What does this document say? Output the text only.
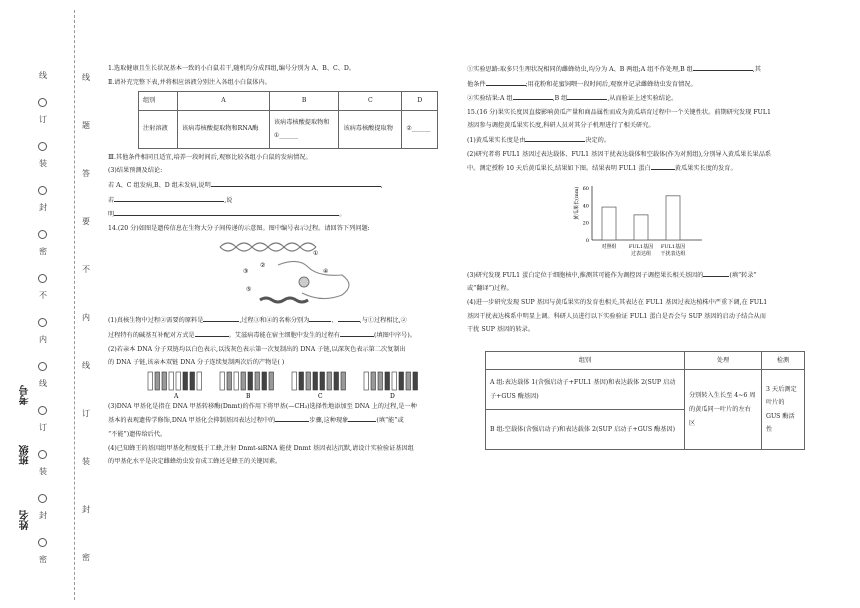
线
订
装
封
密
不
内
线
订
装
封
密
线
题
答
要
不
内
线
订
装
封
密
考号
班级
姓名

1.选取健康且生长状况基本一致的小白鼠若干,随机均分成四组,编号分别为 A、B、C、D。

Ⅱ.请补充完整下表,并将相应溶液分别注入各组小白鼠体内。

组别	A	B	C	D
注射溶液	该病毒核酸提取物和RNA酶	该病毒核酸提取物和
①______	该病毒核酸提取物	②______

Ⅲ.其他条件相同且适宜,培养一段时间后,观察比较各组小白鼠的发病情况。

(3)结果预测及结论:

若 A、C 组发病,B、D 组未发病,说明	,

若	,说

明	。

14.(20 分)如图是遗传信息在生物大分子间传递的示意图。图中编号表示过程。请回答下列问题:

③
②
④
①
⑤

(1)真核生物中过程②需要的原料是	,过程③和④的名称分别为	、	,与①过程相比,②

过程特有的碱基互补配对方式是	。艾滋病毒能在宿主细胞中发生的过程有	(填图中序号)。

(2)若亲本 DNA 分子双链均以白色表示,以浅灰色表示第一次复制出的 DNA 子链,以深灰色表示第二次复制出

的 DNA 子链,该亲本双链 DNA 分子连续复制两次后的产物是( )

A	B	C	D

(3)DNA 甲基化是指在 DNA 甲基转移酶(Dnmt)的作用下将甲基(—CH₃)选择性地添加至 DNA 上的过程,是一种

基本的表观遗传学修饰,DNA 甲基化会抑制基因表达过程中的	步骤,这种现象	(填“能”或

“不能”)遗传给后代。

(4)已知蜂王的基因组甲基化程度低于工蜂,注射 Dnmt-siRNA 能使 Dnmt 基因表达沉默,请设计实验验证基因组

的甲基化水平是决定雌蜂幼虫发育成工蜂还是蜂王的关键因素。

①实验思路:取多只生理状况相同的雌蜂幼虫,均分为 A、B 两组;A 组不作处理,B 组	,其

他条件	;用花粉和花蜜饲喂一段时间后,观察并记录雌蜂幼虫发育情况。

②实验结果:A 组	,B 组	,从而验证上述实验结论。

15.(16 分)果实长度因直接影响黄瓜产量和商品属性而成为黄瓜培育过程中一个关键性状。前期研究发现 FUL1

基因参与调控黄瓜果实长度,科研人员对其分子机理进行了相关研究。

(1)黄瓜果实长度是由	决定的。

(2)研究者将 FUL1 基因过表达载体、FUL1 基因干扰表达载体和空载体(作为对照组),分别导入黄瓜果长果品系

中。测定授粉 10 天后黄瓜果长,结果如下图。结果表明 FUL1 蛋白	黄瓜果实长度的发育。

0
20
40
60
黄瓜果长(mm)
对照组 FUL1基因
过表达组
FUL1基因
干扰表达组

(3)研究发现 FUL1 蛋白定位于细胞核中,推测其可能作为调控因子调控果长相关基因的	(填“转录”

或“翻译”)过程。

(4)进一步研究发现 SUP 基因与黄瓜果实的发育也相关,其表达在 FUL1 基因过表达植株中严重下调,在 FUL1

基因干扰表达株系中明显上调。科研人员进行以下实验验证 FUL1 蛋白是否会与 SUP 基因的启动子结合从而

干扰 SUP 基因的转录。

组别	处理	检测
A 组:表达载体 1(含强启动子+FUL1 基因)和表达载体 2(SUP 启动子+GUS 酶基因)	分别转入生长至 4~6 周的黄瓜同一叶片的左右区	3 天后测定叶片的 GUS 酶活性
B 组:空载体(含强启动子)和表达载体 2(SUP 启动子+GUS 酶基因)		
